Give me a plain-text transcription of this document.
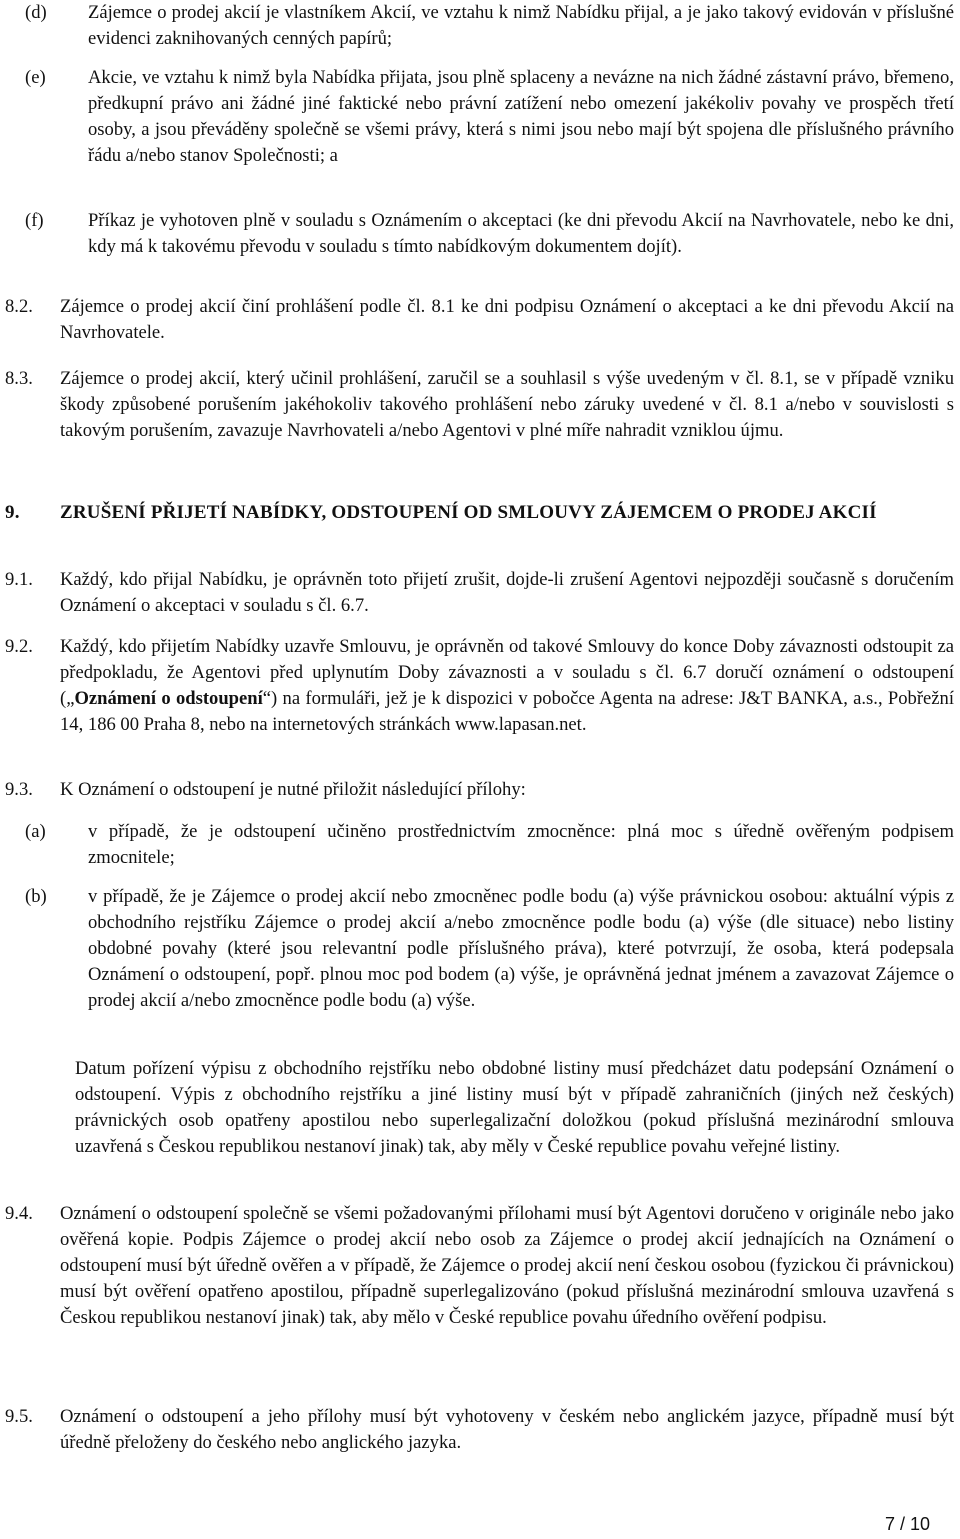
(d)	Zájemce o prodej akcií je vlastníkem Akcií, ve vztahu k nimž Nabídku přijal, a je jako takový evidován v příslušné evidenci zaknihovaných cenných papírů;
(e)	Akcie, ve vztahu k nimž byla Nabídka přijata, jsou plně splaceny a nevázne na nich žádné zástavní právo, břemeno, předkupní právo ani žádné jiné faktické nebo právní zatížení nebo omezení jakékoliv povahy ve prospěch třetí osoby, a jsou převáděny společně se všemi právy, která s nimi jsou nebo mají být spojena dle příslušného právního řádu a/nebo stanov Společnosti; a
(f)	Příkaz je vyhotoven plně v souladu s Oznámením o akceptaci (ke dni převodu Akcií na Navrhovatele, nebo ke dni, kdy má k takovému převodu v souladu s tímto nabídkovým dokumentem dojít).
8.2.	Zájemce o prodej akcií činí prohlášení podle čl. 8.1 ke dni podpisu Oznámení o akceptaci a ke dni převodu Akcií na Navrhovatele.
8.3.	Zájemce o prodej akcií, který učinil prohlášení, zaručil se a souhlasil s výše uvedeným v čl. 8.1, se v případě vzniku škody způsobené porušením jakéhokoliv takového prohlášení nebo záruky uvedené v čl. 8.1 a/nebo v souvislosti s takovým porušením, zavazuje Navrhovateli a/nebo Agentovi v plné míře nahradit vzniklou újmu.
9.	ZRUŠENÍ PŘIJETÍ NABÍDKY, ODSTOUPENÍ OD SMLOUVY ZÁJEMCEM O PRODEJ AKCIÍ
9.1.	Každý, kdo přijal Nabídku, je oprávněn toto přijetí zrušit, dojde-li zrušení Agentovi nejpozději současně s doručením Oznámení o akceptaci v souladu s čl. 6.7.
9.2.	Každý, kdo přijetím Nabídky uzavře Smlouvu, je oprávněn od takové Smlouvy do konce Doby závaznosti odstoupit za předpokladu, že Agentovi před uplynutím Doby závaznosti a v souladu s čl. 6.7 doručí oznámení o odstoupení („Oznámení o odstoupení“) na formuláři, jež je k dispozici v pobočce Agenta na adrese: J&T BANKA, a.s., Pobřežní 14, 186 00 Praha 8, nebo na internetových stránkách www.lapasan.net.
9.3.	K Oznámení o odstoupení je nutné přiložit následující přílohy:
(a)	v případě, že je odstoupení učiněno prostřednictvím zmocněnce: plná moc s úředně ověřeným podpisem zmocnitele;
(b)	v případě, že je Zájemce o prodej akcií nebo zmocněnec podle bodu (a) výše právnickou osobou: aktuální výpis z obchodního rejstříku Zájemce o prodej akcií a/nebo zmocněnce podle bodu (a) výše (dle situace) nebo listiny obdobné povahy (které jsou relevantní podle příslušného práva), které potvrzují, že osoba, která podepsala Oznámení o odstoupení, popř. plnou moc pod bodem (a) výše, je oprávněná jednat jménem a zavazovat Zájemce o prodej akcií a/nebo zmocněnce podle bodu (a) výše.
Datum pořízení výpisu z obchodního rejstříku nebo obdobné listiny musí předcházet datu podepsání Oznámení o odstoupení. Výpis z obchodního rejstříku a jiné listiny musí být v případě zahraničních (jiných než českých) právnických osob opatřeny apostilou nebo superlegalizační doložkou (pokud příslušná mezinárodní smlouva uzavřená s Českou republikou nestanoví jinak) tak, aby měly v České republice povahu veřejné listiny.
9.4.	Oznámení o odstoupení společně se všemi požadovanými přílohami musí být Agentovi doručeno v originále nebo jako ověřená kopie. Podpis Zájemce o prodej akcií nebo osob za Zájemce o prodej akcií jednajících na Oznámení o odstoupení musí být úředně ověřen a v případě, že Zájemce o prodej akcií není českou osobou (fyzickou či právnickou) musí být ověření opatřeno apostilou, případně superlegalizováno (pokud příslušná mezinárodní smlouva uzavřená s Českou republikou nestanoví jinak) tak, aby mělo v České republice povahu úředního ověření podpisu.
9.5.	Oznámení o odstoupení a jeho přílohy musí být vyhotoveny v českém nebo anglickém jazyce, případně musí být úředně přeloženy do českého nebo anglického jazyka.
7 / 10
